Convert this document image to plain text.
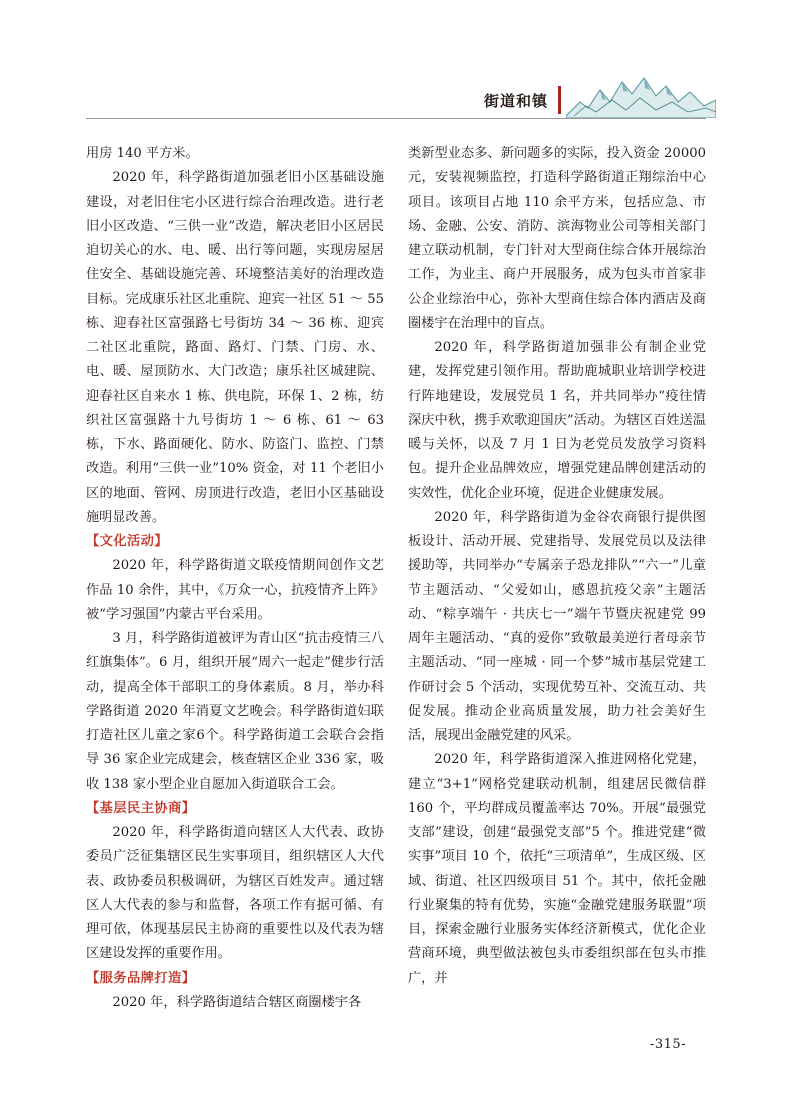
街道和镇

用房 140 平方米。

2020 年，科学路街道加强老旧小区基础设施建设，对老旧住宅小区进行综合治理改造。进行老旧小区改造、“三供一业”改造，解决老旧小区居民迫切关心的水、电、暖、出行等问题，实现房屋居住安全、基础设施完善、环境整洁美好的治理改造目标。完成康乐社区北重院、迎宾一社区 51 ～ 55 栋、迎春社区富强路七号街坊 34 ～ 36 栋、迎宾二社区北重院，路面、路灯、门禁、门房、水、电、暖、屋顶防水、大门改造；康乐社区城建院、迎春社区自来水 1 栋、供电院，环保 1、2 栋，纺织社区富强路十九号街坊 1 ～ 6 栋、61 ～ 63 栋，下水、路面硬化、防水、防盗门、监控、门禁改造。利用“三供一业”10% 资金，对 11 个老旧小区的地面、管网、房顶进行改造，老旧小区基础设施明显改善。

【文化活动】

2020 年，科学路街道文联疫情期间创作文艺作品 10 余件，其中，《万众一心，抗疫情齐上阵》被“学习强国”内蒙古平台采用。

3 月，科学路街道被评为青山区“抗击疫情三八红旗集体”。6 月，组织开展“周六一起走”健步行活动，提高全体干部职工的身体素质。8 月，举办科学路街道 2020 年消夏文艺晚会。科学路街道妇联打造社区儿童之家6个。科学路街道工会联合会指导 36 家企业完成建会，核查辖区企业 336 家，吸收 138 家小型企业自愿加入街道联合工会。

【基层民主协商】

2020 年，科学路街道向辖区人大代表、政协委员广泛征集辖区民生实事项目，组织辖区人大代表、政协委员积极调研，为辖区百姓发声。通过辖区人大代表的参与和监督，各项工作有据可循、有理可依，体现基层民主协商的重要性以及代表为辖区建设发挥的重要作用。

【服务品牌打造】

2020 年，科学路街道结合辖区商圈楼宇各

类新型业态多、新问题多的实际，投入资金 20000 元，安装视频监控，打造科学路街道正翔综治中心项目。该项目占地 110 余平方米，包括应急、市场、金融、公安、消防、滨海物业公司等相关部门建立联动机制，专门针对大型商住综合体开展综治工作，为业主、商户开展服务，成为包头市首家非公企业综治中心，弥补大型商住综合体内酒店及商圈楼宇在治理中的盲点。

2020 年，科学路街道加强非公有制企业党建，发挥党建引领作用。帮助鹿城职业培训学校进行阵地建设，发展党员 1 名，并共同举办“疫往情深庆中秋，携手欢歌迎国庆”活动。为辖区百姓送温暖与关怀，以及 7 月 1 日为老党员发放学习资料包。提升企业品牌效应，增强党建品牌创建活动的实效性，优化企业环境，促进企业健康发展。

2020 年，科学路街道为金谷农商银行提供图板设计、活动开展、党建指导、发展党员以及法律援助等，共同举办“专属亲子恐龙排队”“六一”儿童节主题活动、“父爱如山，感恩抗疫父亲”主题活动、“粽享端午 · 共庆七一”端午节暨庆祝建党 99 周年主题活动、“真的爱你”致敬最美逆行者母亲节主题活动、“同一座城 · 同一个梦”城市基层党建工作研讨会 5 个活动，实现优势互补、交流互动、共促发展。推动企业高质量发展，助力社会美好生活，展现出金融党建的风采。

2020 年，科学路街道深入推进网格化党建，建立“3+1”网格党建联动机制，组建居民微信群 160 个，平均群成员覆盖率达 70%。开展“最强党支部”建设，创建“最强党支部”5 个。推进党建“微实事”项目 10 个，依托“三项清单”，生成区级、区域、街道、社区四级项目 51 个。其中，依托金融行业聚集的特有优势，实施“金融党建服务联盟”项目，探索金融行业服务实体经济新模式，优化企业营商环境，典型做法被包头市委组织部在包头市推广，并

-315-
